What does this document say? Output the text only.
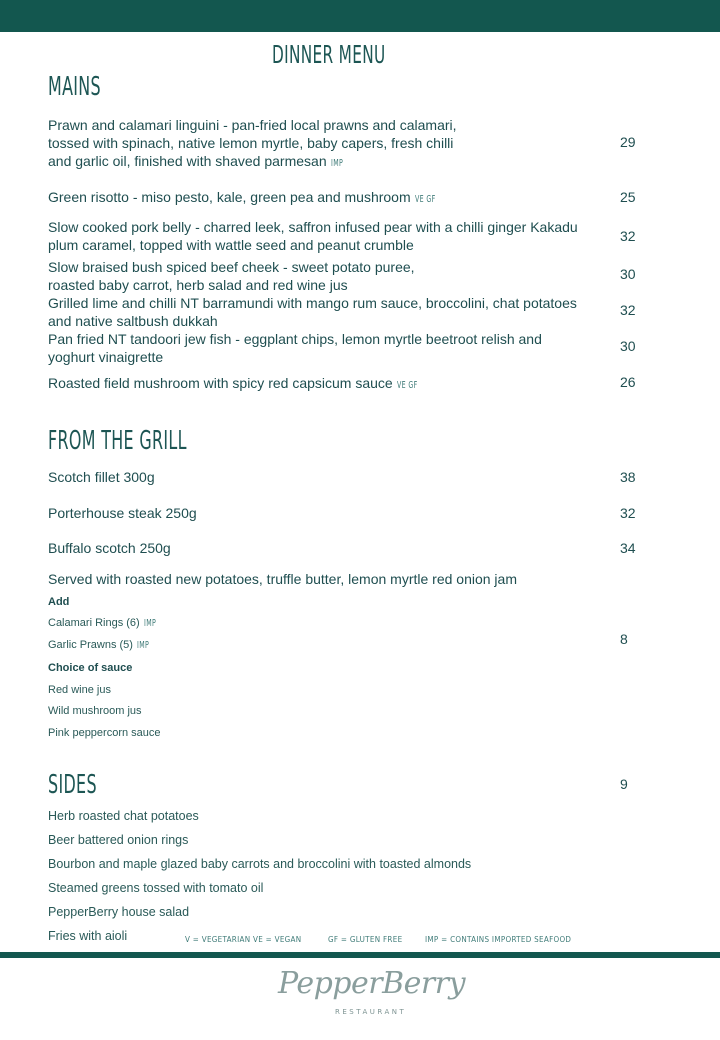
DINNER MENU
MAINS
Prawn and calamari linguini - pan-fried local prawns and calamari,
tossed with spinach, native lemon myrtle, baby capers, fresh chilli
and garlic oil, finished with shaved parmesan IMP
29
Green risotto - miso pesto, kale, green pea and mushroom VE GF	25
Slow cooked pork belly - charred leek, saffron infused pear with a chilli ginger Kakadu
plum caramel, topped with wattle seed and peanut crumble
32
Slow braised bush spiced beef cheek - sweet potato puree,
roasted baby carrot, herb salad and red wine jus
30
Grilled lime and chilli NT barramundi with mango rum sauce, broccolini, chat potatoes
and native saltbush dukkah
32
Pan fried NT tandoori jew fish - eggplant chips, lemon myrtle beetroot relish and
yoghurt vinaigrette
30
Roasted field mushroom with spicy red capsicum sauce VE GF	26
FROM THE GRILL
Scotch fillet 300g	38
Porterhouse steak 250g	32
Buffalo scotch 250g	34
Served with roasted new potatoes, truffle butter, lemon myrtle red onion jam
Add
Calamari Rings (6) IMP
Garlic Prawns (5) IMP	8
Choice of sauce
Red wine jus
Wild mushroom jus
Pink peppercorn sauce
SIDES	9
Herb roasted chat potatoes
Beer battered onion rings
Bourbon and maple glazed baby carrots and broccolini with toasted almonds
Steamed greens tossed with tomato oil
PepperBerry house salad
Fries with aioli	V = VEGETARIAN VE = VEGAN	GF = GLUTEN FREE	IMP = CONTAINS IMPORTED SEAFOOD
PepperBerry
RESTAURANT
